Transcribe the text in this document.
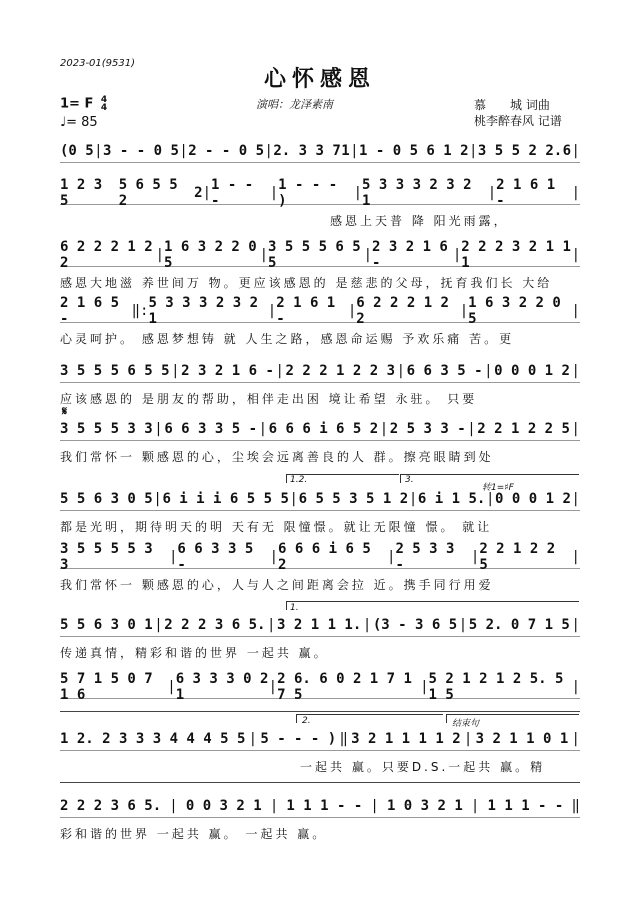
2023-01(9531)
心怀感恩
1= F 4
4
♩= 85
演唱：龙泽素南	慕　　城 词曲
桃李醉春风 记谱
𝄋
1.2.	3.
转1=♯F
1.
2.	结束句
(0 5 | 3 - - 0 5 | 2 - - 0 5 | 2. 3 3 7 1 | 1 - 0 5 6 1 2 | 3 5 5 2 2. 6 |
1 2 3 5
5 6 5 5 2	2 | 1 - - -	| 1 - - - )	| 5 3 3 3 2 3 2 1	| 2 1 6 1 -	|
感恩上天普 降 阳光雨露，
6 2 2 2 1 2 2	| 1 6 3 2 2 0 5	| 3 5 5 5 6 5 5	| 2 3 2 1 6 -	| 2 2 2 3 2 1 1 1	|
感恩大地滋 养世间万 物。更应该感恩的 是慈悲的父母，抚育我们长 大给
2 1 6 5 -	‖: 5 3 3 3 2 3 2 1	| 2 1 6 1 -	| 6 2 2 2 1 2 2	| 1 6 3 2 2 0 5	|
心灵呵护。 感恩梦想铸 就 人生之路，感恩命运赐 予欢乐痛 苦。更
3 5 5 5 6 5 5 | 2 3 2 1 6 - | 2 2 2 1 2 2 3 | 6 6 3 5 - | 0 0 0 1 2 |
应该感恩的 是朋友的帮助，相伴走出困 境让希望 永驻。 只要
3 5 5 5 3 3 | 6 6 3 3 5 - | 6 6 6 i 6 5 2 | 2 5 3 3 - | 2 2 1 2 2 5 |
我们常怀一 颗感恩的心，尘埃会远离善良的人 群。擦亮眼睛到处
5 5 6 3 0 5 | 6 i i i 6 5 5 5 | 6 5 5 3 5 1 2 | 6 i 1 5. | 0 0 0 1 2 |
都是光明，期待明天的明 天有无 限憧憬。就让无限憧 憬。 就让
3 5 5 5 5 3 3	| 6 6 3 3 5 -	| 6 6 6 i 6 5 2	| 2 5 3 3 -	| 2 2 1 2 2 5	|
我们常怀一 颗感恩的心，人与人之间距离会拉 近。携手同行用爱
5 5 6 3 0 1 | 2 2 2 3 6 5. | 3 2 1 1 1. | (3 - 3 6 5 | 5 2. 0 7 1 5 |
传递真情，精彩和谐的世界 一起共 赢。
5 7 1 5 0 7 1 6	| 6 3 3 3 0 2 1	| 2 6. 6 0 2 1 7 1 7 5	| 5 2 1 2 1 2 5. 5 1 5	|
1 2. 2 3 3 3 4 4 4 5 5 | 5 - - - ) ‖ 3 2 1 1 1 1 2 | 3 2 1 1 0 1 |
一起共 赢。只要D.S.一起共 赢。精
2 2 2 3 6 5. | 0 0 3 2 1 | 1 1 1 - - | 1 0 3 2 1 | 1 1 1 - - ‖
彩和谐的世界 一起共 赢。 一起共 赢。
